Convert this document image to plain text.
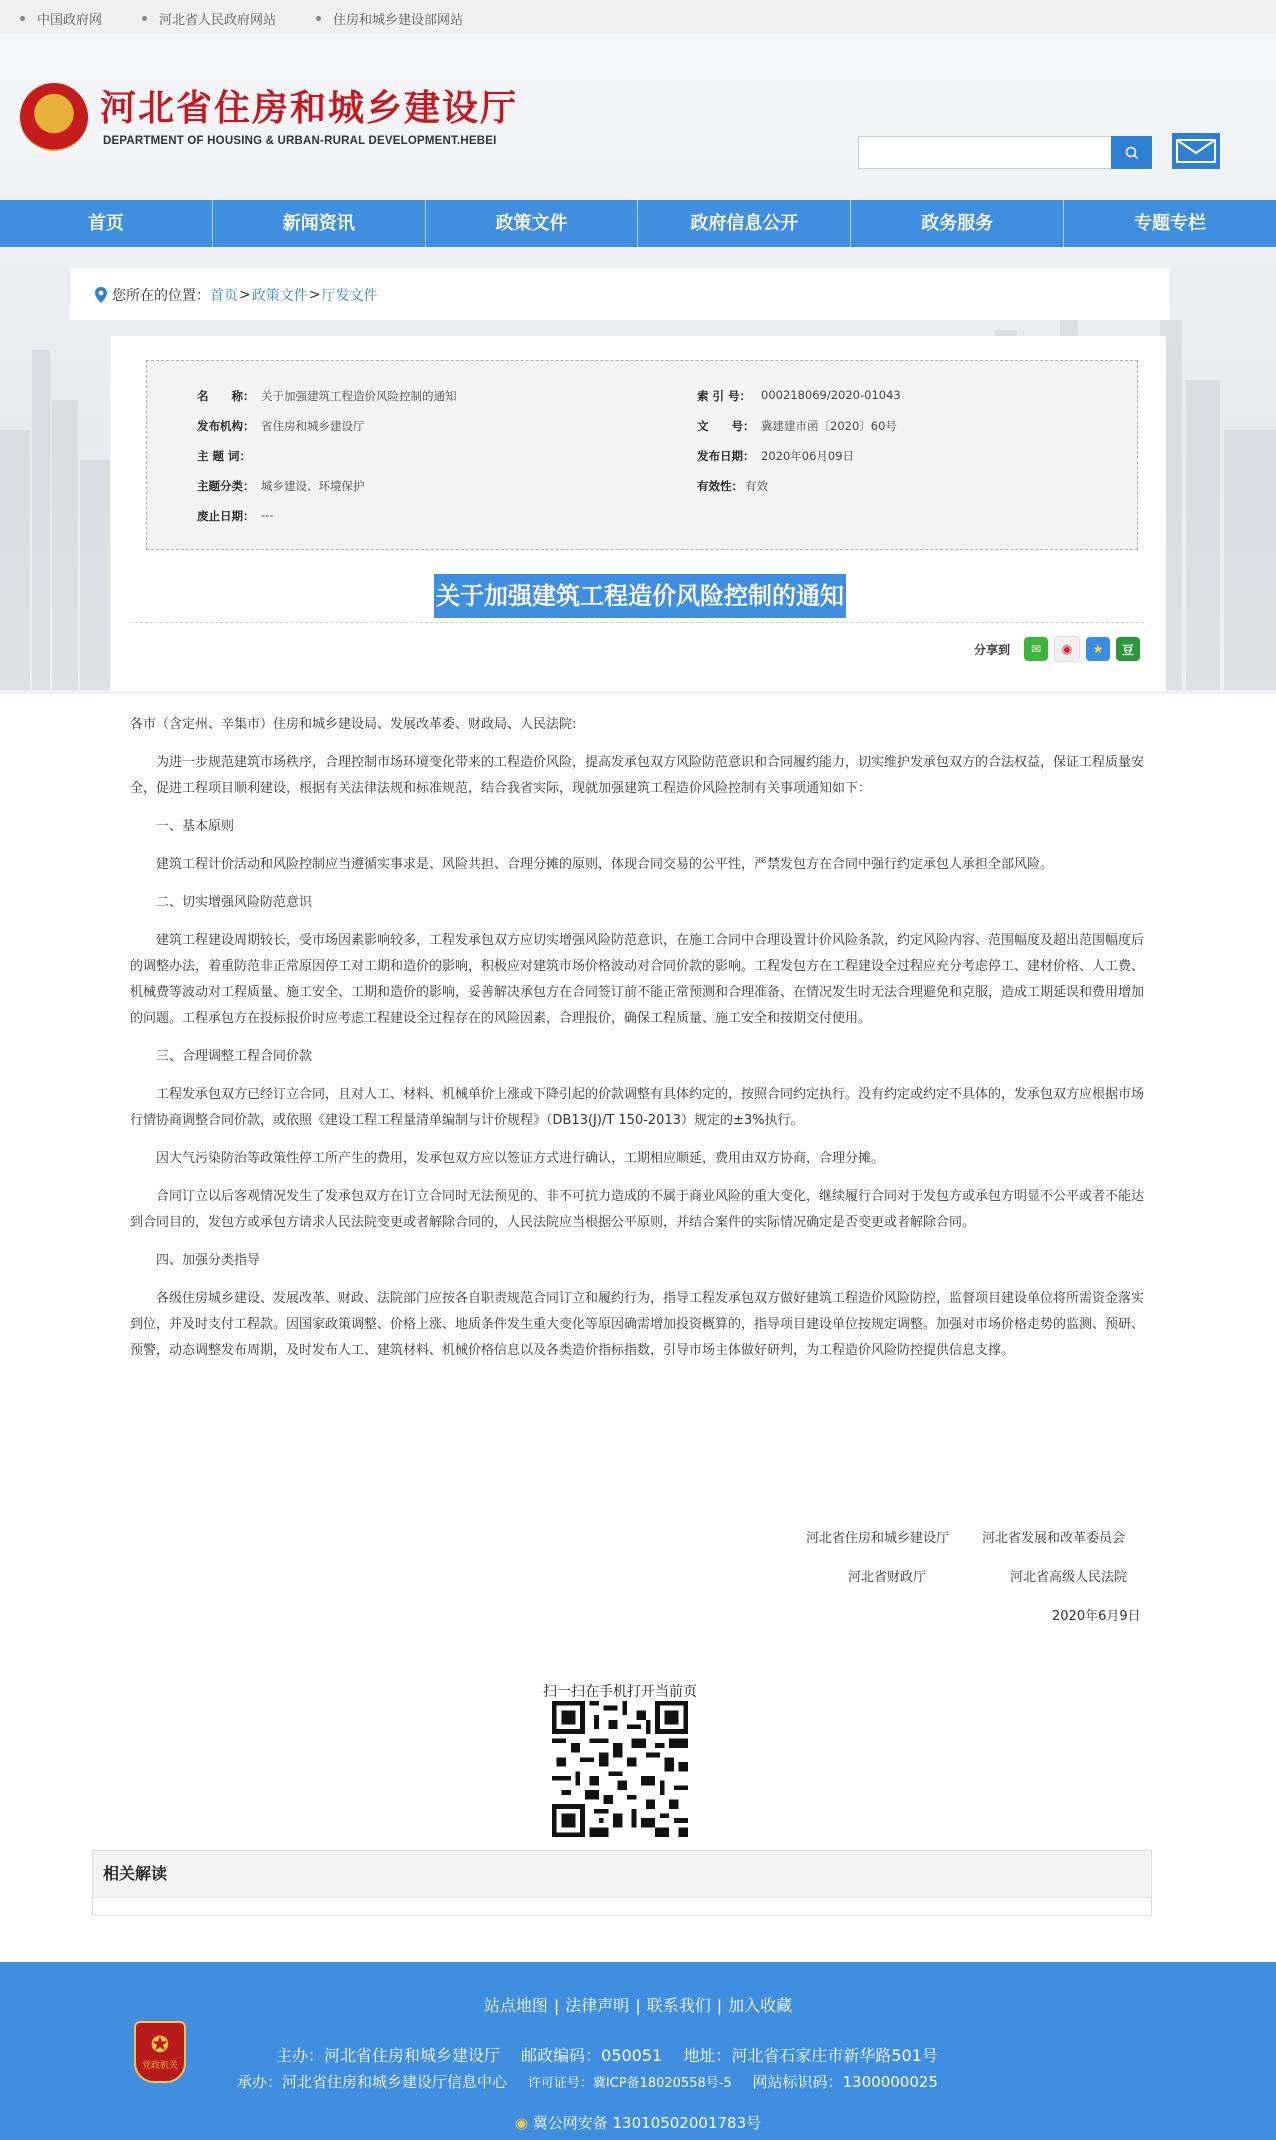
中国政府网	河北省人民政府网站	住房和城乡建设部网站
河北省住房和城乡建设厅
DEPARTMENT OF HOUSING & URBAN-RURAL DEVELOPMENT.HEBEI
首页	新闻资讯	政策文件	政府信息公开	政务服务	专题专栏
您所在的位置： 首页 > 政策文件 > 厅发文件
名　　称： 关于加强建筑工程造价风险控制的通知	索 引 号： 000218069/2020-01043
发布机构： 省住房和城乡建设厅	文　　号： 冀建建市函〔2020〕60号
主 题 词：	发布日期： 2020年06月09日
主题分类： 城乡建设、环境保护	有效性： 有效
废止日期： ---
关于加强建筑工程造价风险控制的通知
分享到	✉	◉	★	豆

各市（含定州、辛集市）住房和城乡建设局、发展改革委、财政局、人民法院:

为进一步规范建筑市场秩序，合理控制市场环境变化带来的工程造价风险，提高发承包双方风险防范意识和合同履约能力，切实维护发承包双方的合法权益，保证工程质量安全，促进工程项目顺利建设，根据有关法律法规和标准规范，结合我省实际，现就加强建筑工程造价风险控制有关事项通知如下：

一、基本原则

建筑工程计价活动和风险控制应当遵循实事求是、风险共担、合理分摊的原则，体现合同交易的公平性，严禁发包方在合同中强行约定承包人承担全部风险。

二、切实增强风险防范意识

建筑工程建设周期较长，受市场因素影响较多，工程发承包双方应切实增强风险防范意识，在施工合同中合理设置计价风险条款，约定风险内容、范围幅度及超出范围幅度后的调整办法，着重防范非正常原因停工对工期和造价的影响，积极应对建筑市场价格波动对合同价款的影响。工程发包方在工程建设全过程应充分考虑停工、建材价格、人工费、机械费等波动对工程质量、施工安全、工期和造价的影响，妥善解决承包方在合同签订前不能正常预测和合理准备、在情况发生时无法合理避免和克服，造成工期延误和费用增加的问题。工程承包方在投标报价时应考虑工程建设全过程存在的风险因素，合理报价，确保工程质量、施工安全和按期交付使用。

三、合理调整工程合同价款

工程发承包双方已经订立合同，且对人工、材料、机械单价上涨或下降引起的价款调整有具体约定的，按照合同约定执行。没有约定或约定不具体的，发承包双方应根据市场行情协商调整合同价款，或依照《建设工程工程量清单编制与计价规程》（DB13(J)/T 150-2013）规定的±3%执行。

因大气污染防治等政策性停工所产生的费用，发承包双方应以签证方式进行确认，工期相应顺延，费用由双方协商，合理分摊。

合同订立以后客观情况发生了发承包双方在订立合同时无法预见的、非不可抗力造成的不属于商业风险的重大变化，继续履行合同对于发包方或承包方明显不公平或者不能达到合同目的，发包方或承包方请求人民法院变更或者解除合同的，人民法院应当根据公平原则，并结合案件的实际情况确定是否变更或者解除合同。

四、加强分类指导

各级住房城乡建设、发展改革、财政、法院部门应按各自职责规范合同订立和履约行为，指导工程发承包双方做好建筑工程造价风险防控，监督项目建设单位将所需资金落实到位，并及时支付工程款。因国家政策调整、价格上涨、地质条件发生重大变化等原因确需增加投资概算的，指导项目建设单位按规定调整。加强对市场价格走势的监测、预研、预警，动态调整发布周期，及时发布人工、建筑材料、机械价格信息以及各类造价指标指数，引导市场主体做好研判，为工程造价风险防控提供信息支撑。

河北省住房和城乡建设厅	河北省发展和改革委员会
河北省财政厅	河北省高级人民法院
2020年6月9日
扫一扫在手机打开当前页
相关解读
站点地图 | 法律声明 | 联系我们 | 加入收藏
✪
党政机关
主办：河北省住房和城乡建设厅 邮政编码：050051 地址：河北省石家庄市新华路501号
承办：河北省住房和城乡建设厅信息中心 许可证号：冀ICP备18020558号-5 网站标识码：1300000025
◉ 冀公网安备 13010502001783号
